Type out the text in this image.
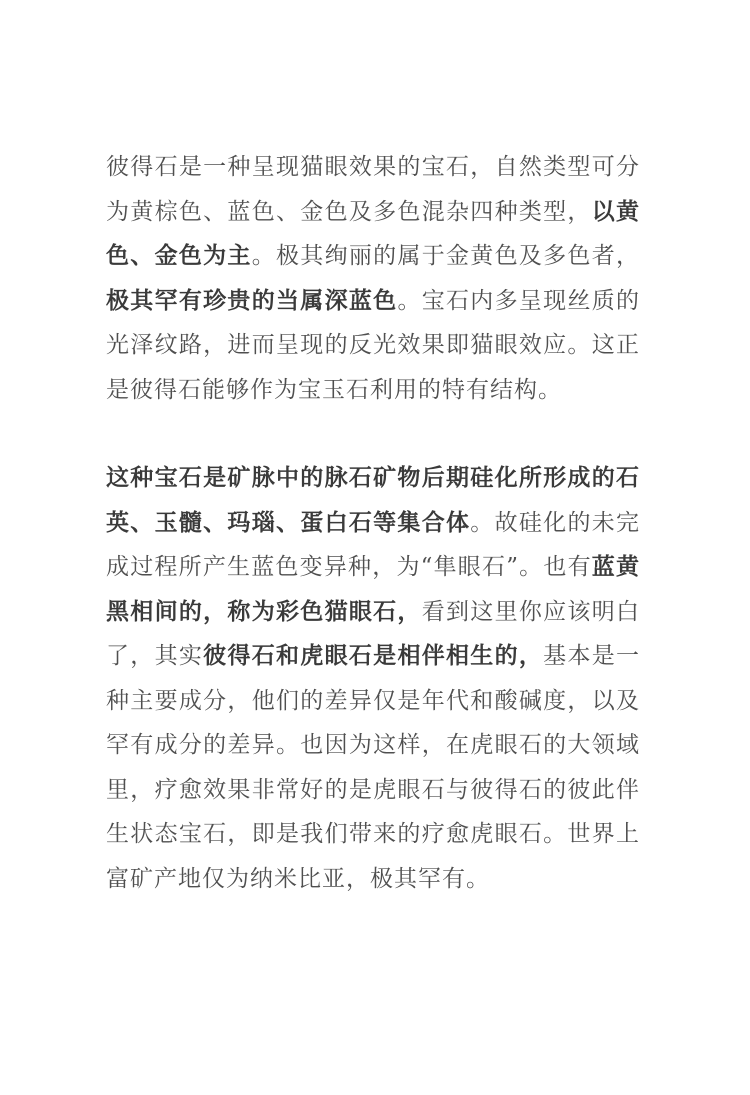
彼得石是一种呈现猫眼效果的宝石，自然类型可分为黄棕色、蓝色、金色及多色混杂四种类型，以黄色、金色为主。极其绚丽的属于金黄色及多色者，极其罕有珍贵的当属深蓝色。宝石内多呈现丝质的光泽纹路，进而呈现的反光效果即猫眼效应。这正是彼得石能够作为宝玉石利用的特有结构。

这种宝石是矿脉中的脉石矿物后期硅化所形成的石英、玉髓、玛瑙、蛋白石等集合体。故硅化的未完成过程所产生蓝色变异种，为“隼眼石”。也有蓝黄黑相间的，称为彩色猫眼石，看到这里你应该明白了，其实彼得石和虎眼石是相伴相生的，基本是一种主要成分，他们的差异仅是年代和酸碱度，以及罕有成分的差异。也因为这样，在虎眼石的大领域里，疗愈效果非常好的是虎眼石与彼得石的彼此伴生状态宝石，即是我们带来的疗愈虎眼石。世界上富矿产地仅为纳米比亚，极其罕有。
